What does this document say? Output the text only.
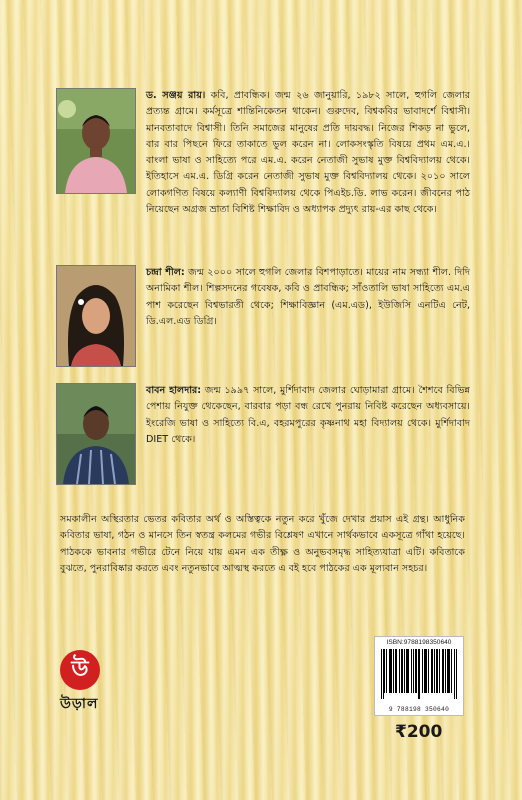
ড. সঞ্জয় রায়। কবি, প্রাবন্ধিক। জন্ম ২৬ জানুয়ারি, ১৯৮২ সালে, হুগলি জেলার প্রত্যন্ত গ্রামে। কর্মসূত্রে শান্তিনিকেতন থাকেন। গুরুদেব, বিশ্বকবির ভাবাদর্শে বিশ্বাসী। মানবতাবাদে বিশ্বাসী। তিনি সমাজের মানুষের প্রতি দায়বদ্ধ। নিজের শিকড় না ভুলে, বার বার পিছনে ফিরে তাকাতে ভুল করেন না। লোকসংস্কৃতি বিষয়ে প্রথম এম.এ.। বাংলা ভাষা ও সাহিত্যে পরে এম.এ. করেন নেতাজী সুভাষ মুক্ত বিশ্ববিদ্যালয় থেকে। ইতিহাসে এম.এ. ডিগ্রি করেন নেতাজী সুভাষ মুক্ত বিশ্ববিদ্যালয় থেকে। ২০১০ সালে লোকগণিত বিষয়ে কল্যাণী বিশ্ববিদ্যালয় থেকে পিএইচ.ডি. লাভ করেন। জীবনের পাঠ নিয়েছেন অগ্রজ ভ্রাতা বিশিষ্ট শিক্ষাবিদ ও অধ্যাপক প্রদ্যুৎ রায়-এর কাছ থেকে।
চন্দ্রা শীল: জন্ম ২০০০ সালে হুগলি জেলার বিশপাড়াতে। মায়ের নাম সন্ধ্যা শীল. দিদি অনামিকা শীল। শিল্পসদনের গবেষক, কবি ও প্রাবন্ধিক; সাঁওতালি ভাষা সাহিত্যে এম.এ পাশ করেছেন বিশ্বভারতী থেকে; শিক্ষাবিজ্ঞান (এম.এড), ইউজিসি এনটিএ নেট, ডি.এল.এড ডিগ্রি।
বাবন হালদার: জন্ম ১৯৯৭ সালে, মুর্শিদাবাদ জেলার ঘোড়ামারা গ্রামে। শৈশবে বিভিন্ন পেশায় নিযুক্ত থেকেছেন, বারবার পড়া বন্ধ রেখে পুনরায় নিবিষ্ট করেছেন অধ্যবসায়ে। ইংরেজি ভাষা ও সাহিত্যে বি.এ, বহরমপুরের কৃষ্ণনাথ মহা বিদ্যালয় থেকে। মুর্শিদাবাদ DIET থেকে।
সমকালীন অস্থিরতার ভেতর কবিতার অর্থ ও অস্তিত্বকে নতুন করে খুঁজে দেখার প্রয়াস এই গ্রন্থ। আধুনিক কবিতার ভাষা, গঠন ও মানসে তিন স্বতন্ত্র কলমের গভীর বিশ্লেষণ এখানে সার্থকভাবে একসূত্রে গাঁথা হয়েছে। পাঠককে ভাবনার গভীরে টেনে নিয়ে যায় এমন এক তীক্ষ্ণ ও অনুভবসমৃদ্ধ সাহিত্যযাত্রা এটি। কবিতাকে বুঝতে, পুনরাবিষ্কার করতে এবং নতুনভাবে আত্মস্থ করতে এ বই হবে পাঠকের এক মূল্যবান সহচর।
উ
উড়াল
ISBN:9788198350640
9 788198 350640
₹200
